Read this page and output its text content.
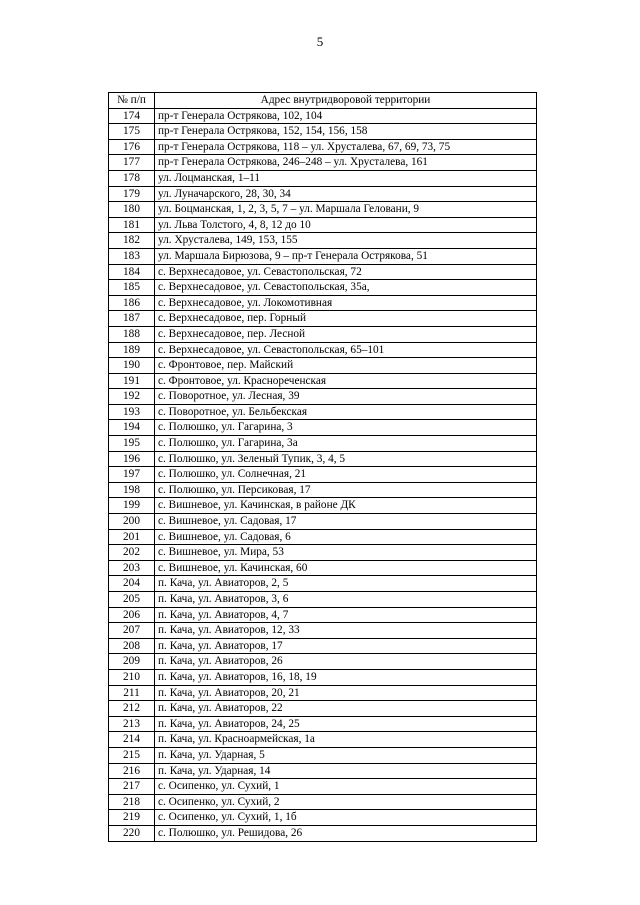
5
№ п/п	Адрес внутридворовой территории
174	пр-т Генерала Острякова, 102, 104
175	пр-т Генерала Острякова, 152, 154, 156, 158
176	пр-т Генерала Острякова, 118 – ул. Хрусталева, 67, 69, 73, 75
177	пр-т Генерала Острякова, 246–248 – ул. Хрусталева, 161
178	ул. Лоцманская, 1–11
179	ул. Луначарского, 28, 30, 34
180	ул. Боцманская, 1, 2, 3, 5, 7 – ул. Маршала Геловани, 9
181	ул. Льва Толстого, 4, 8, 12 до 10
182	ул. Хрусталева, 149, 153, 155
183	ул. Маршала Бирюзова, 9 – пр-т Генерала Острякова, 51
184	с. Верхнесадовое, ул. Севастопольская, 72
185	с. Верхнесадовое, ул. Севастопольская, 35а,
186	с. Верхнесадовое, ул. Локомотивная
187	с. Верхнесадовое, пер. Горный
188	с. Верхнесадовое, пер. Лесной
189	с. Верхнесадовое, ул. Севастопольская, 65–101
190	с. Фронтовое, пер. Майский
191	с. Фронтовое, ул. Краснореченская
192	с. Поворотное, ул. Лесная, 39
193	с. Поворотное, ул. Бельбекская
194	с. Полюшко, ул. Гагарина, 3
195	с. Полюшко, ул. Гагарина, 3а
196	с. Полюшко, ул. Зеленый Тупик, 3, 4, 5
197	с. Полюшко, ул. Солнечная, 21
198	с. Полюшко, ул. Персиковая, 17
199	с. Вишневое, ул. Качинская, в районе ДК
200	с. Вишневое, ул. Садовая, 17
201	с. Вишневое, ул. Садовая, 6
202	с. Вишневое, ул. Мира, 53
203	с. Вишневое, ул. Качинская, 60
204	п. Кача, ул. Авиаторов, 2, 5
205	п. Кача, ул. Авиаторов, 3, 6
206	п. Кача, ул. Авиаторов, 4, 7
207	п. Кача, ул. Авиаторов, 12, 33
208	п. Кача, ул. Авиаторов, 17
209	п. Кача, ул. Авиаторов, 26
210	п. Кача, ул. Авиаторов, 16, 18, 19
211	п. Кача, ул. Авиаторов, 20, 21
212	п. Кача, ул. Авиаторов, 22
213	п. Кача, ул. Авиаторов, 24, 25
214	п. Кача, ул. Красноармейская, 1а
215	п. Кача, ул. Ударная, 5
216	п. Кача, ул. Ударная, 14
217	с. Осипенко, ул. Сухий, 1
218	с. Осипенко, ул. Сухий, 2
219	с. Осипенко, ул. Сухий, 1, 1б
220	с. Полюшко, ул. Решидова, 26
